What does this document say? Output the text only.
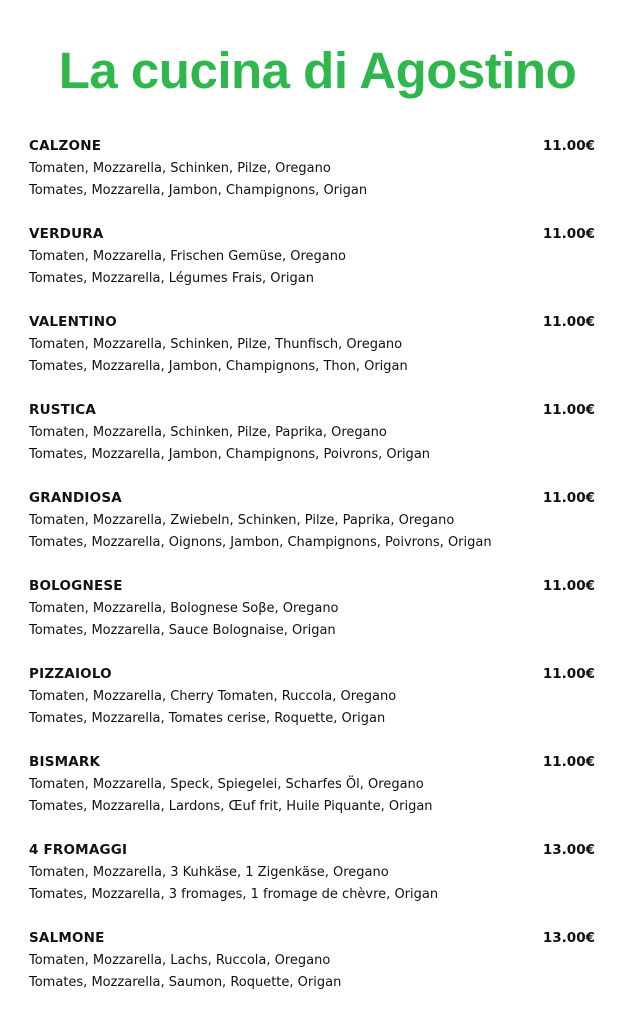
La cucina di Agostino
CALZONE	11.00€
Tomaten, Mozzarella, Schinken, Pilze, Oregano
Tomates, Mozzarella, Jambon, Champignons, Origan
VERDURA	11.00€
Tomaten, Mozzarella, Frischen Gemüse, Oregano
Tomates, Mozzarella, Légumes Frais, Origan
VALENTINO	11.00€
Tomaten, Mozzarella, Schinken, Pilze, Thunfisch, Oregano
Tomates, Mozzarella, Jambon, Champignons, Thon, Origan
RUSTICA	11.00€
Tomaten, Mozzarella, Schinken, Pilze, Paprika, Oregano
Tomates, Mozzarella, Jambon, Champignons, Poivrons, Origan
GRANDIOSA	11.00€
Tomaten, Mozzarella, Zwiebeln, Schinken, Pilze, Paprika, Oregano
Tomates, Mozzarella, Oignons, Jambon, Champignons, Poivrons, Origan
BOLOGNESE	11.00€
Tomaten, Mozzarella, Bolognese Soβe, Oregano
Tomates, Mozzarella, Sauce Bolognaise, Origan
PIZZAIOLO	11.00€
Tomaten, Mozzarella, Cherry Tomaten, Ruccola, Oregano
Tomates, Mozzarella, Tomates cerise, Roquette, Origan
BISMARK	11.00€
Tomaten, Mozzarella, Speck, Spiegelei, Scharfes Öl, Oregano
Tomates, Mozzarella, Lardons, Œuf frit, Huile Piquante, Origan
4 FROMAGGI	13.00€
Tomaten, Mozzarella, 3 Kuhkäse, 1 Zigenkäse, Oregano
Tomates, Mozzarella, 3 fromages, 1 fromage de chèvre, Origan
SALMONE	13.00€
Tomaten, Mozzarella, Lachs, Ruccola, Oregano
Tomates, Mozzarella, Saumon, Roquette, Origan
